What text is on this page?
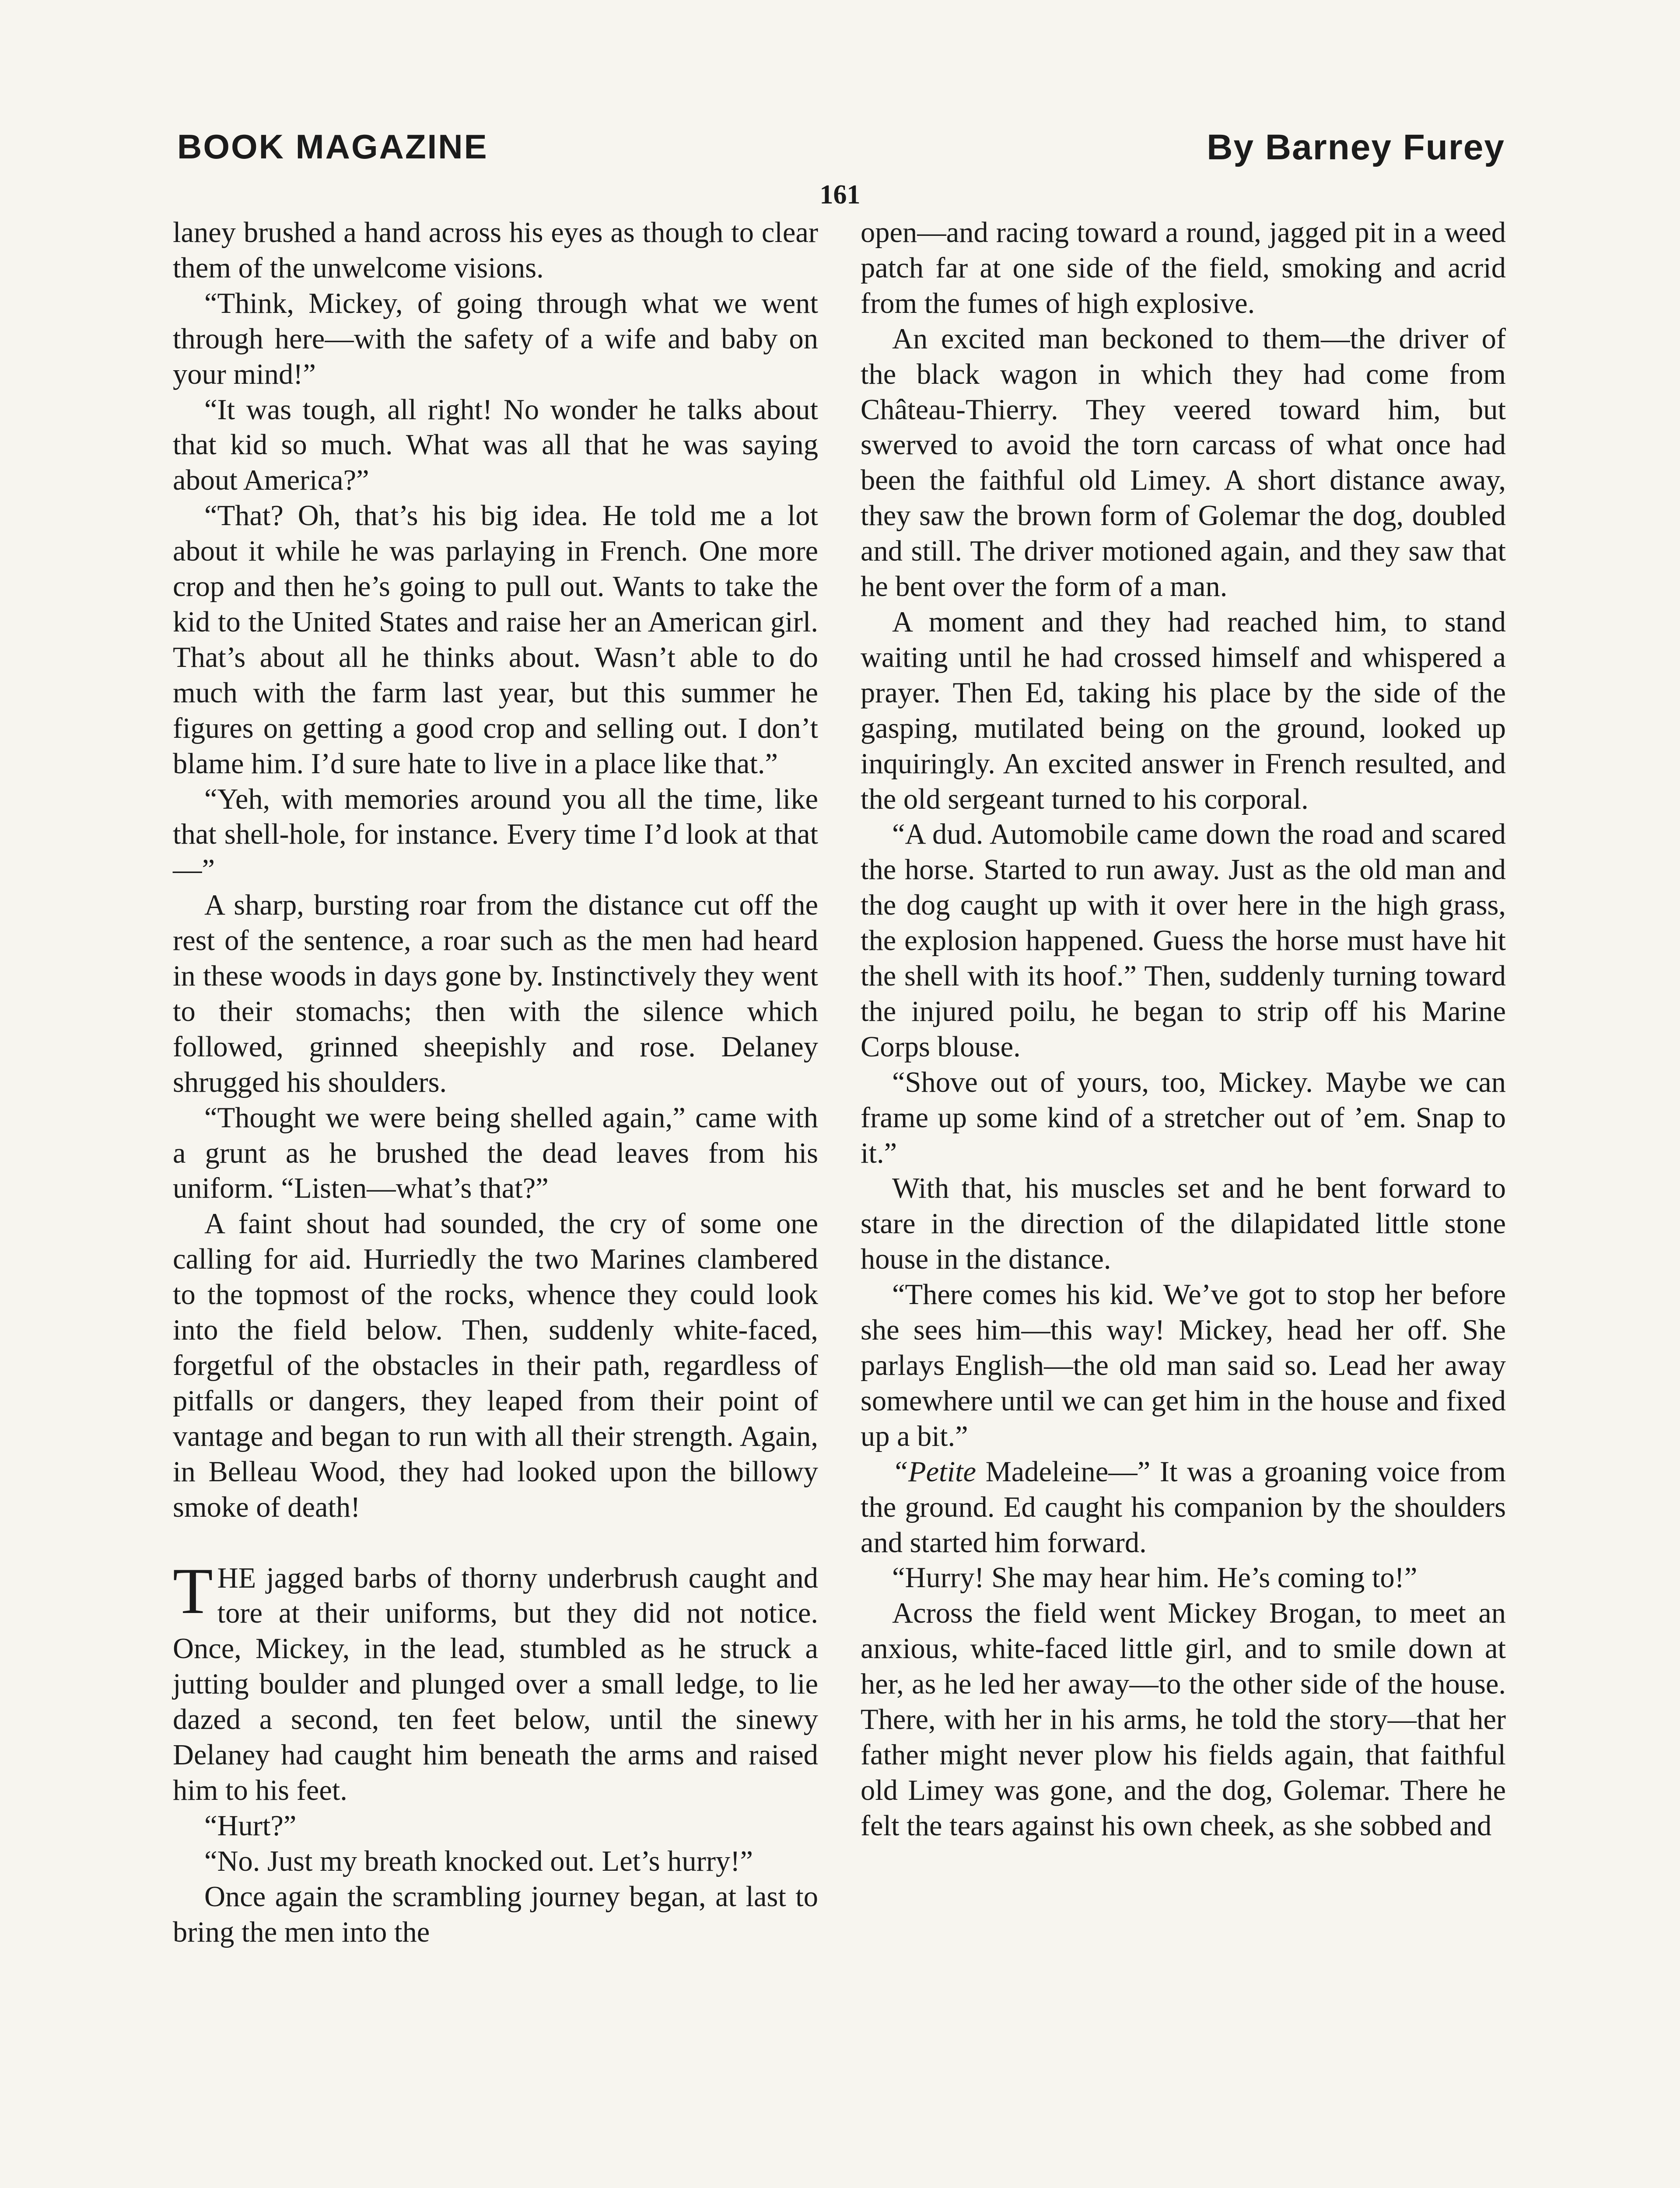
BOOK MAGAZINE	By Barney Furey
161

laney brushed a hand across his eyes as though to clear them of the unwelcome visions.

“Think, Mickey, of going through what we went through here—with the safety of a wife and baby on your mind!”

“It was tough, all right! No wonder he talks about that kid so much. What was all that he was saying about America?”

“That? Oh, that’s his big idea. He told me a lot about it while he was parlaying in French. One more crop and then he’s going to pull out. Wants to take the kid to the United States and raise her an American girl. That’s about all he thinks about. Wasn’t able to do much with the farm last year, but this summer he figures on getting a good crop and selling out. I don’t blame him. I’d sure hate to live in a place like that.”

“Yeh, with memories around you all the time, like that shell-hole, for instance. Every time I’d look at that—”

A sharp, bursting roar from the distance cut off the rest of the sentence, a roar such as the men had heard in these woods in days gone by. Instinctively they went to their stomachs; then with the silence which followed, grinned sheepishly and rose. Delaney shrugged his shoulders.

“Thought we were being shelled again,” came with a grunt as he brushed the dead leaves from his uniform. “Listen—what’s that?”

A faint shout had sounded, the cry of some one calling for aid. Hurriedly the two Marines clambered to the topmost of the rocks, whence they could look into the field below. Then, suddenly white-faced, forgetful of the obstacles in their path, regardless of pitfalls or dangers, they leaped from their point of vantage and began to run with all their strength. Again, in Belleau Wood, they had looked upon the billowy smoke of death!

THE jagged barbs of thorny underbrush caught and tore at their uniforms, but they did not notice. Once, Mickey, in the lead, stumbled as he struck a jutting boulder and plunged over a small ledge, to lie dazed a second, ten feet below, until the sinewy Delaney had caught him beneath the arms and raised him to his feet.

“Hurt?”

“No. Just my breath knocked out. Let’s hurry!”

Once again the scrambling journey began, at last to bring the men into the

open—and racing toward a round, jagged pit in a weed patch far at one side of the field, smoking and acrid from the fumes of high explosive.

An excited man beckoned to them—the driver of the black wagon in which they had come from Château-Thierry. They veered toward him, but swerved to avoid the torn carcass of what once had been the faithful old Limey. A short distance away, they saw the brown form of Golemar the dog, doubled and still. The driver motioned again, and they saw that he bent over the form of a man.

A moment and they had reached him, to stand waiting until he had crossed himself and whispered a prayer. Then Ed, taking his place by the side of the gasping, mutilated being on the ground, looked up inquiringly. An excited answer in French resulted, and the old sergeant turned to his corporal.

“A dud. Automobile came down the road and scared the horse. Started to run away. Just as the old man and the dog caught up with it over here in the high grass, the explosion happened. Guess the horse must have hit the shell with its hoof.” Then, suddenly turning toward the injured poilu, he began to strip off his Marine Corps blouse.

“Shove out of yours, too, Mickey. Maybe we can frame up some kind of a stretcher out of ’em. Snap to it.”

With that, his muscles set and he bent forward to stare in the direction of the dilapidated little stone house in the distance.

“There comes his kid. We’ve got to stop her before she sees him—this way! Mickey, head her off. She parlays English—the old man said so. Lead her away somewhere until we can get him in the house and fixed up a bit.”

“Petite Madeleine—” It was a groaning voice from the ground. Ed caught his companion by the shoulders and started him forward.

“Hurry! She may hear him. He’s coming to!”

Across the field went Mickey Brogan, to meet an anxious, white-faced little girl, and to smile down at her, as he led her away—to the other side of the house. There, with her in his arms, he told the story—that her father might never plow his fields again, that faithful old Limey was gone, and the dog, Golemar. There he felt the tears against his own cheek, as she sobbed and
